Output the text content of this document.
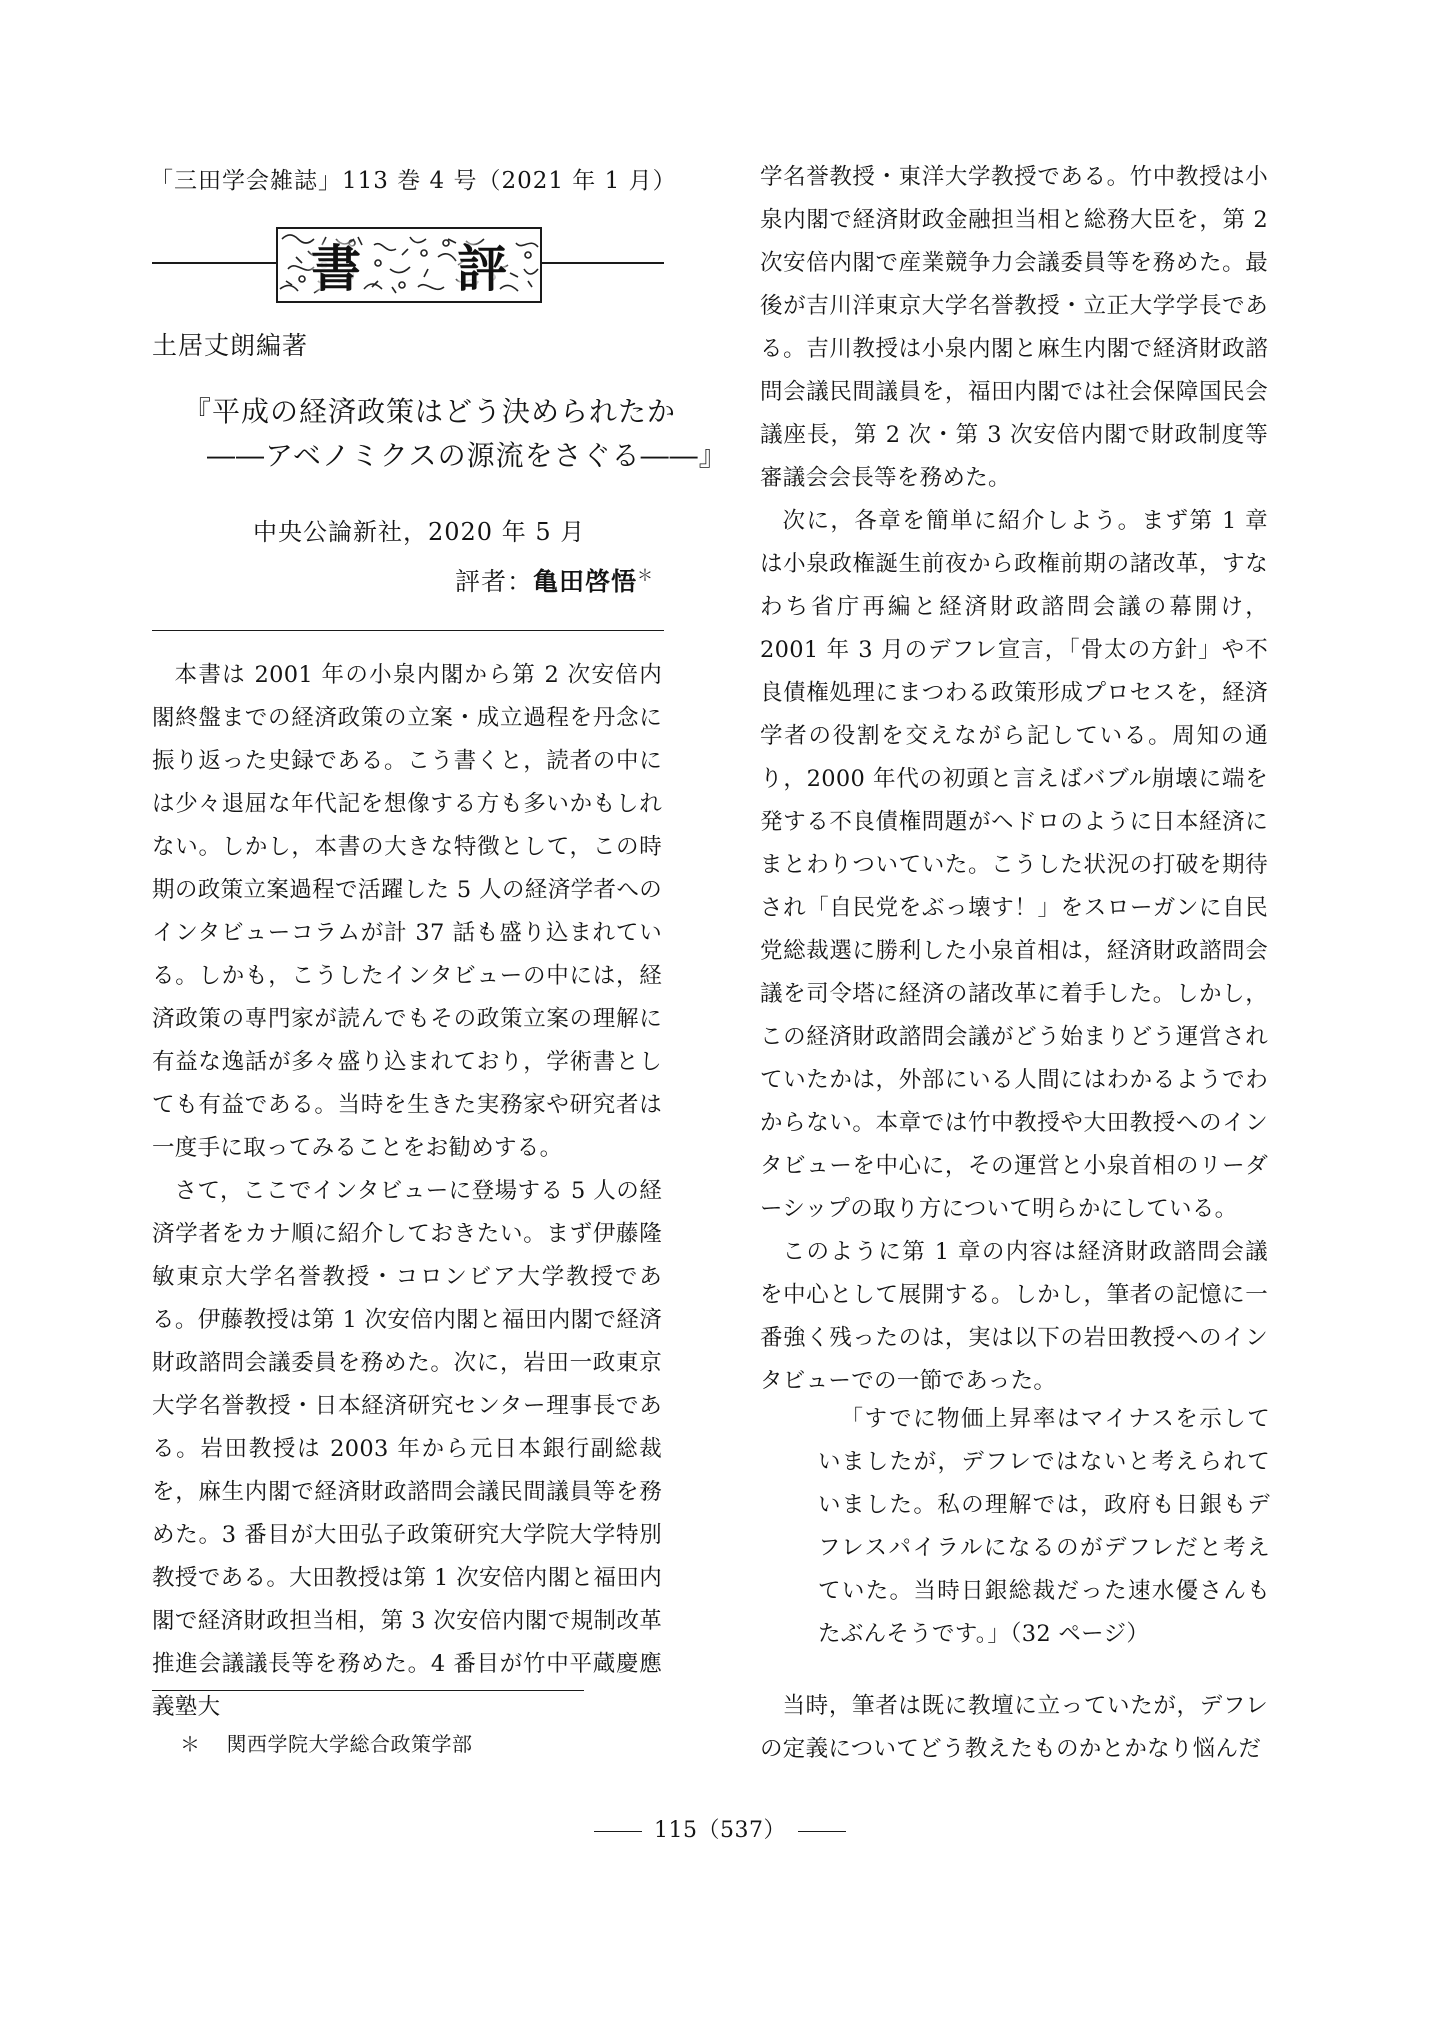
「三田学会雑誌」113 巻 4 号（2021 年 1 月）
書 評
土居丈朗編著
『平成の経済政策はどう決められたか
――アベノミクスの源流をさぐる――』
中央公論新社，2020 年 5 月
評者：亀田啓悟＊

本書は 2001 年の小泉内閣から第 2 次安倍内閣終盤までの経済政策の立案・成立過程を丹念に振り返った史録である。こう書くと，読者の中には少々退屈な年代記を想像する方も多いかもしれない。しかし，本書の大きな特徴として，この時期の政策立案過程で活躍した 5 人の経済学者へのインタビューコラムが計 37 話も盛り込まれている。しかも，こうしたインタビューの中には，経済政策の専門家が読んでもその政策立案の理解に有益な逸話が多々盛り込まれており，学術書としても有益である。当時を生きた実務家や研究者は一度手に取ってみることをお勧めする。

さて，ここでインタビューに登場する 5 人の経済学者をカナ順に紹介しておきたい。まず伊藤隆敏東京大学名誉教授・コロンビア大学教授である。伊藤教授は第 1 次安倍内閣と福田内閣で経済財政諮問会議委員を務めた。次に，岩田一政東京大学名誉教授・日本経済研究センター理事長である。岩田教授は 2003 年から元日本銀行副総裁を，麻生内閣で経済財政諮問会議民間議員等を務めた。3 番目が大田弘子政策研究大学院大学特別教授である。大田教授は第 1 次安倍内閣と福田内閣で経済財政担当相，第 3 次安倍内閣で規制改革推進会議議長等を務めた。4 番目が竹中平蔵慶應義塾大

学名誉教授・東洋大学教授である。竹中教授は小泉内閣で経済財政金融担当相と総務大臣を，第 2 次安倍内閣で産業競争力会議委員等を務めた。最後が吉川洋東京大学名誉教授・立正大学学長である。吉川教授は小泉内閣と麻生内閣で経済財政諮問会議民間議員を，福田内閣では社会保障国民会議座長，第 2 次・第 3 次安倍内閣で財政制度等審議会会長等を務めた。

次に，各章を簡単に紹介しよう。まず第 1 章は小泉政権誕生前夜から政権前期の諸改革，すなわち省庁再編と経済財政諮問会議の幕開け，2001 年 3 月のデフレ宣言，「骨太の方針」や不良債権処理にまつわる政策形成プロセスを，経済学者の役割を交えながら記している。周知の通り，2000 年代の初頭と言えばバブル崩壊に端を発する不良債権問題がヘドロのように日本経済にまとわりついていた。こうした状況の打破を期待され「自民党をぶっ壊す！」をスローガンに自民党総裁選に勝利した小泉首相は，経済財政諮問会議を司令塔に経済の諸改革に着手した。しかし，この経済財政諮問会議がどう始まりどう運営されていたかは，外部にいる人間にはわかるようでわからない。本章では竹中教授や大田教授へのインタビューを中心に，その運営と小泉首相のリーダーシップの取り方について明らかにしている。

このように第 1 章の内容は経済財政諮問会議を中心として展開する。しかし，筆者の記憶に一番強く残ったのは，実は以下の岩田教授へのインタビューでの一節であった。

「すでに物価上昇率はマイナスを示していましたが，デフレではないと考えられていました。私の理解では，政府も日銀もデフレスパイラルになるのがデフレだと考えていた。当時日銀総裁だった速水優さんもたぶんそうです。」（32 ページ）

当時，筆者は既に教壇に立っていたが，デフレの定義についてどう教えたものかとかなり悩んだ

＊ 関西学院大学総合政策学部
115（537）
